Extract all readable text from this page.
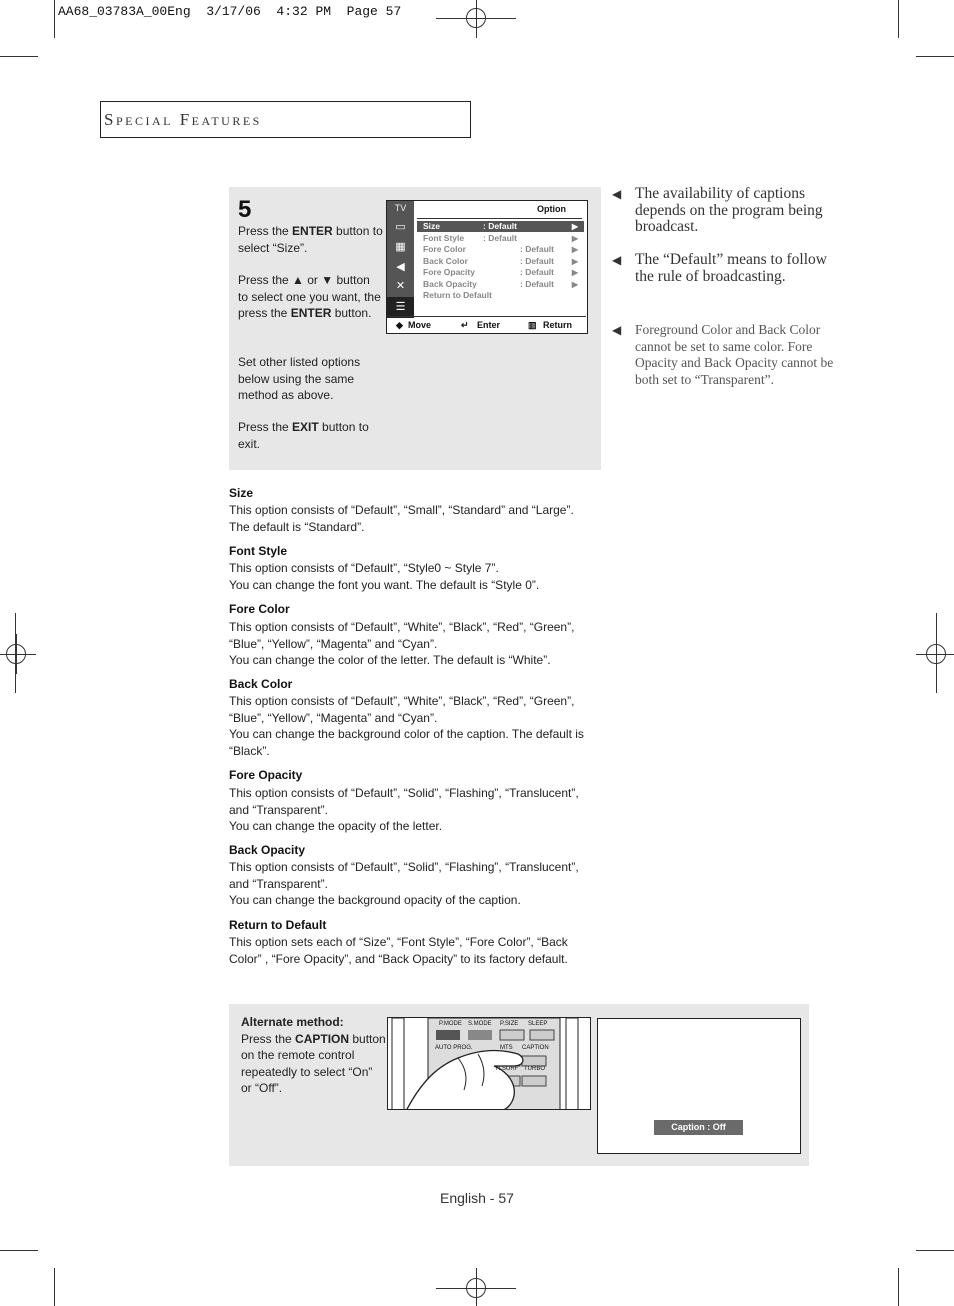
AA68_03783A_00Eng  3/17/06  4:32 PM  Page 57
Special Features
5
Press the ENTER button to select “Size”.
Press the ▲ or ▼ button to select one you want, the press the ENTER button.
Set other listed options below using the same method as above.
Press the EXIT button to exit.
TV
▭
▦
◀
✕
☰
Option
Size	: Default	▶
Font Style : Default	▶
Fore Color	: Default ▶
Back Color	: Default ▶
Fore Opacity	: Default ▶
Back Opacity	: Default ▶
Return to Default
◆ Move	↵ Enter	▥ Return
◀ The availability of captions depends on the program being broadcast.
◀ The “Default” means to follow the rule of broadcasting.
◀ Foreground Color and Back Color cannot be set to same color. Fore Opacity and Back Opacity cannot be both set to “Transparent”.
Size
This option consists of “Default”, “Small”, “Standard” and “Large”.
The default is “Standard”.
Font Style
This option consists of “Default”, “Style0 ~ Style 7”.
You can change the font you want. The default is “Style 0”.
Fore Color
This option consists of “Default”, “White”, “Black”, “Red”, “Green”,
“Blue”, “Yellow”, “Magenta” and “Cyan”.
You can change the color of the letter. The default is “White”.
Back Color
This option consists of “Default”, “White”, “Black”, “Red”, “Green”,
“Blue”, “Yellow”, “Magenta” and “Cyan”.
You can change the background color of the caption. The default is
“Black”.
Fore Opacity
This option consists of “Default”, “Solid”, “Flashing”, “Translucent”,
and “Transparent”.
You can change the opacity of the letter.
Back Opacity
This option consists of “Default”, “Solid”, “Flashing”, “Translucent”,
and “Transparent”.
You can change the background opacity of the caption.
Return to Default
This option sets each of “Size”, “Font Style”, “Fore Color”, “Back
Color” , “Fore Opacity”, and “Back Opacity” to its factory default.
Alternate method:
Press the CAPTION button on the remote control repeatedly to select “On” or “Off”.
P.MODE S.MODE P.SIZE SLEEP
AUTO PROG.	MTS CAPTION
R.SURF TURBO
Caption : Off
English - 57
